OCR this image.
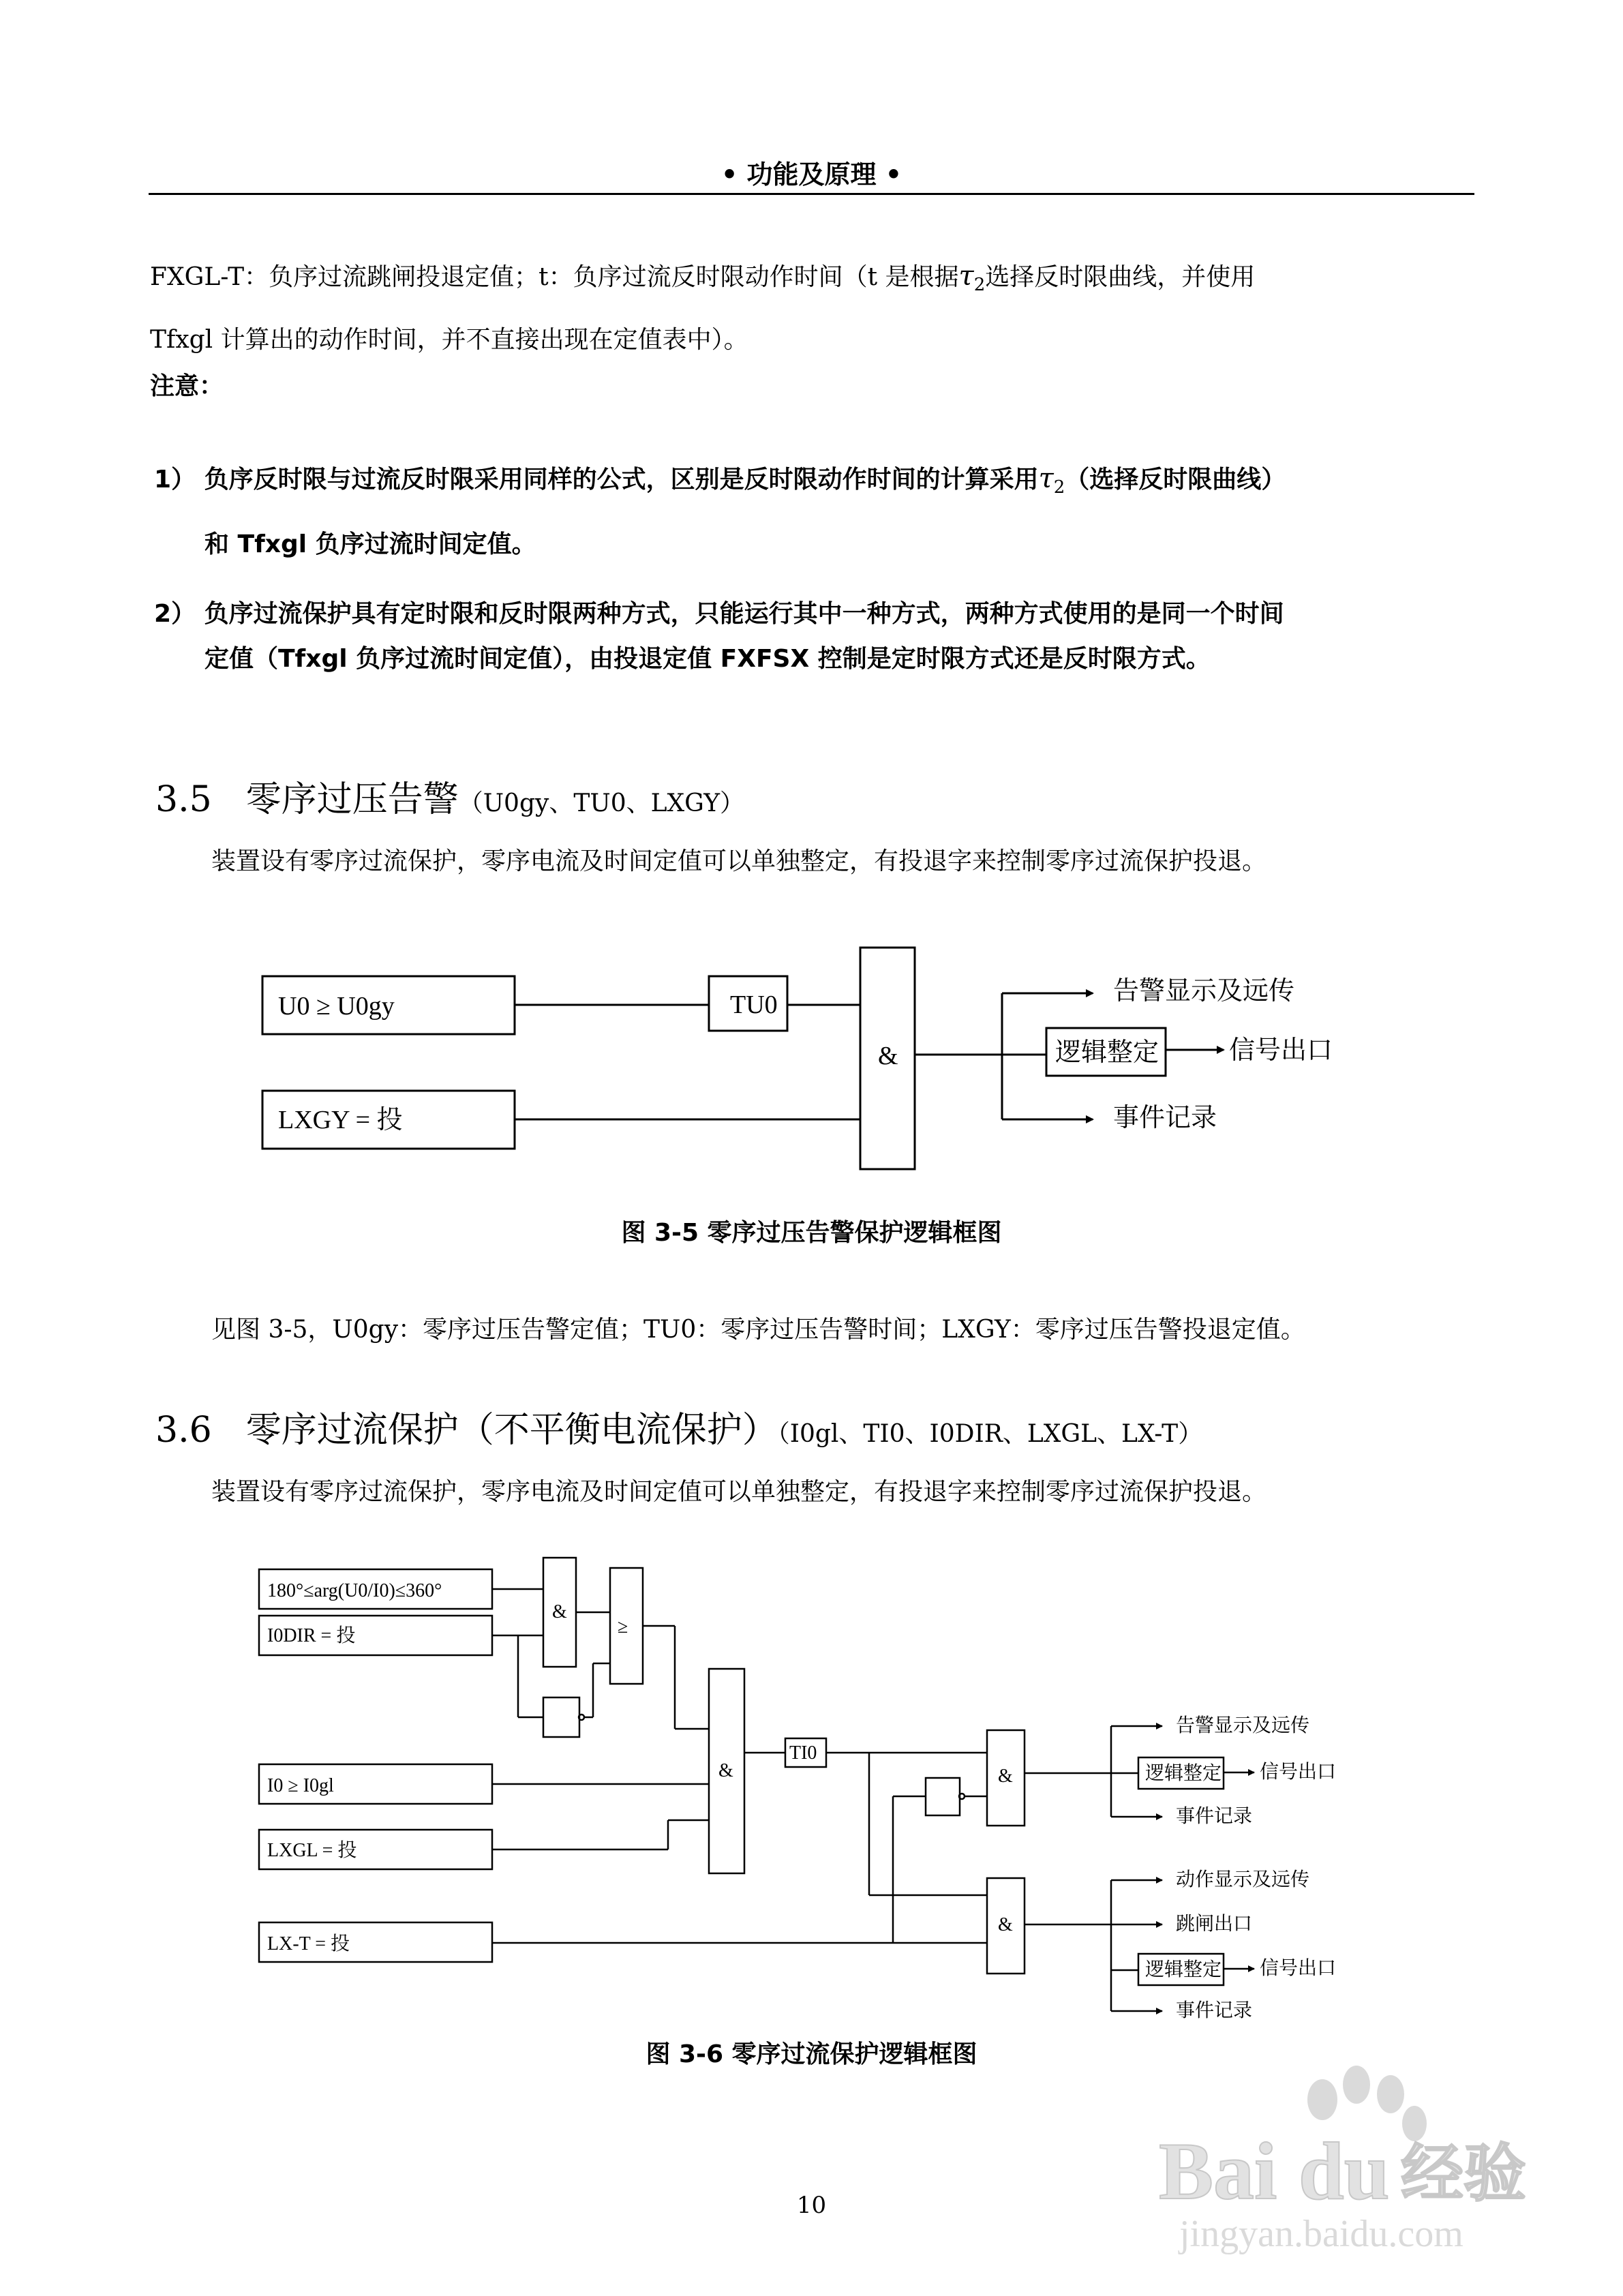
• 功能及原理 •
FXGL-T：负序过流跳闸投退定值；t：负序过流反时限动作时间（t 是根据$\tau_2$选择反时限曲线，并使用
Tfxgl 计算出的动作时间，并不直接出现在定值表中）。
注意：
1） 负序反时限与过流反时限采用同样的公式，区别是反时限动作时间的计算采用$\tau_2$（选择反时限曲线）
和 Tfxgl 负序过流时间定值。
2） 负序过流保护具有定时限和反时限两种方式，只能运行其中一种方式，两种方式使用的是同一个时间
定值（Tfxgl 负序过流时间定值），由投退定值 FXFSX 控制是定时限方式还是反时限方式。
3.5 零序过压告警（U0gy、TU0、LXGY）
装置设有零序过流保护，零序电流及时间定值可以单独整定，有投退字来控制零序过流保护投退。
U0 ≥ U0gy
LXGY = 投
TU0
&
告警显示及远传
逻辑整定	信号出口
事件记录
图 3-5 零序过压告警保护逻辑框图
见图 3-5，U0gy：零序过压告警定值；TU0：零序过压告警时间；LXGY：零序过压告警投退定值。
3.6 零序过流保护（不平衡电流保护）（I0gl、TI0、I0DIR、LXGL、LX-T）
装置设有零序过流保护，零序电流及时间定值可以单独整定，有投退字来控制零序过流保护投退。
180°≤arg(U0/I0)≤360°
I0DIR = 投
I0 ≥ I0gl
LXGL = 投
LX-T = 投
&
≥
&
TI0
&
&
告警显示及远传
逻辑整定 信号出口
事件记录
动作显示及远传
跳闸出口
逻辑整定 信号出口
事件记录
图 3-6 零序过流保护逻辑框图
10	Bai du 经验
jingyan.baidu.com
